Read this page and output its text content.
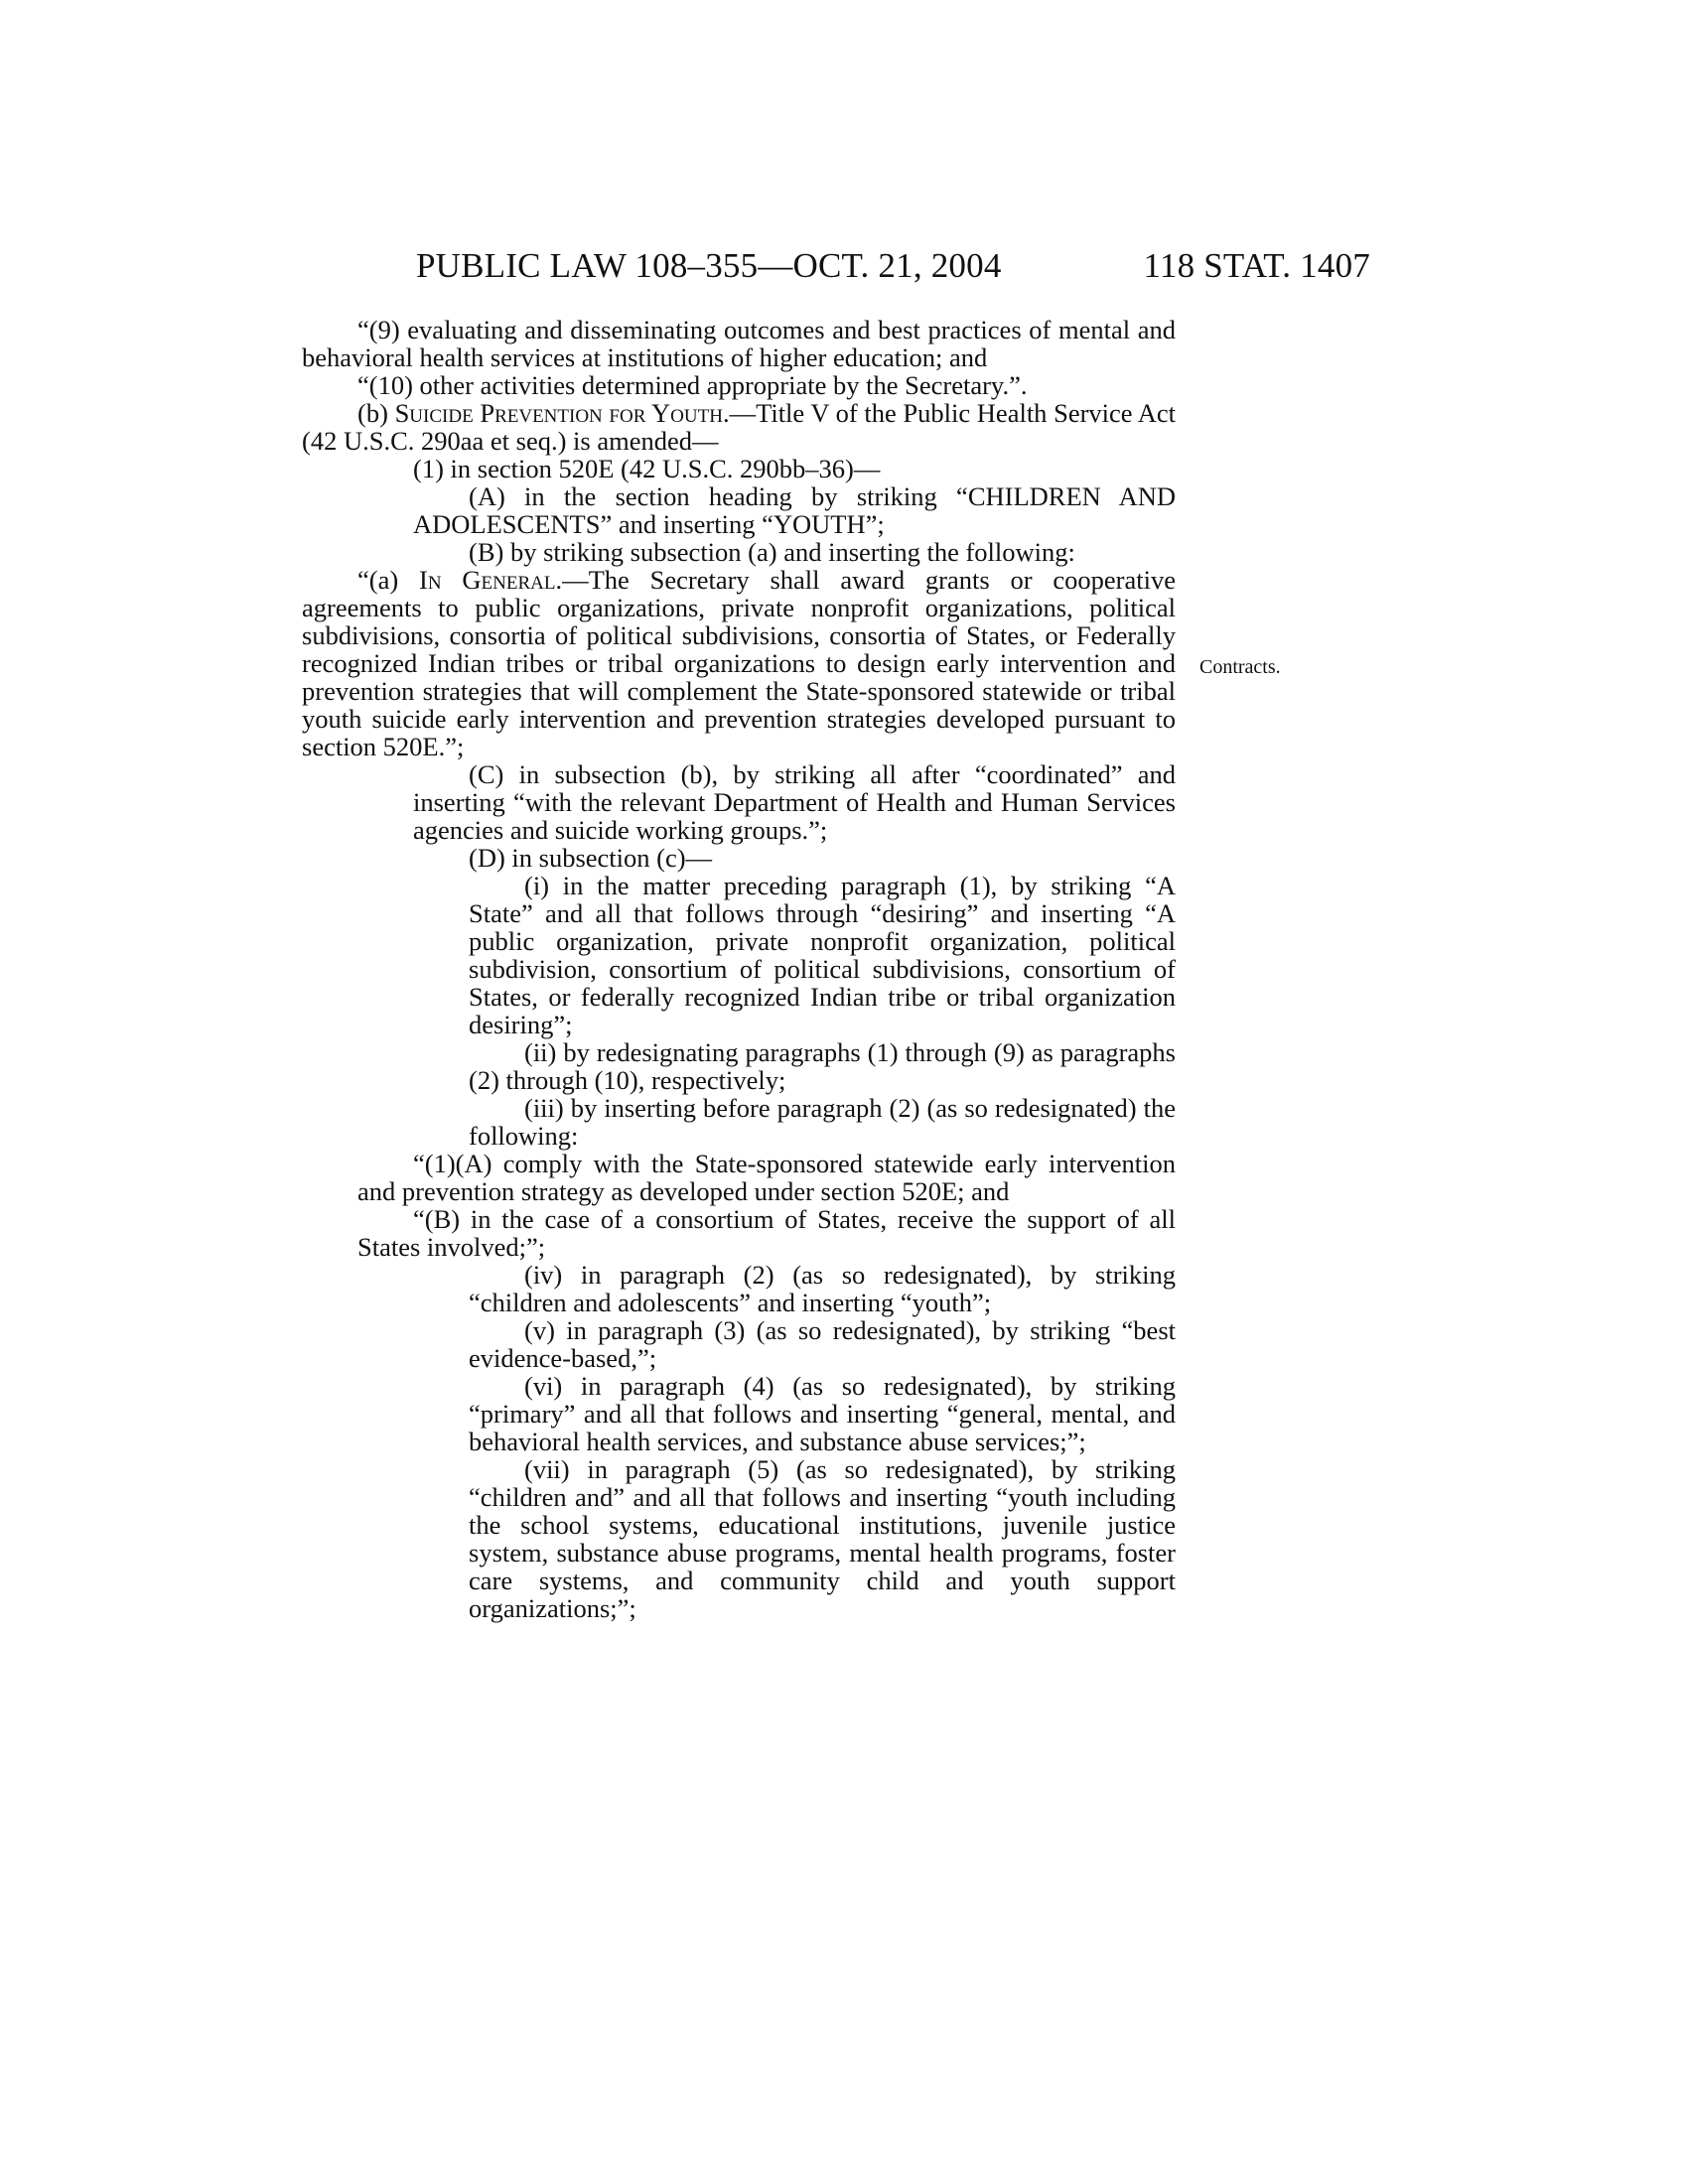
PUBLIC LAW 108–355—OCT. 21, 2004	118 STAT. 1407
Contracts.

“(9) evaluating and disseminating outcomes and best practices of mental and behavioral health services at institutions of higher education; and

“(10) other activities determined appropriate by the Secretary.”.

(b) Suicide Prevention for Youth.—Title V of the Public Health Service Act (42 U.S.C. 290aa et seq.) is amended—

(1) in section 520E (42 U.S.C. 290bb–36)—

(A) in the section heading by striking “CHILDREN AND ADOLESCENTS” and inserting “YOUTH”;

(B) by striking subsection (a) and inserting the following:

“(a) In General.—The Secretary shall award grants or cooperative agreements to public organizations, private nonprofit organizations, political subdivisions, consortia of political subdivisions, consortia of States, or Federally recognized Indian tribes or tribal organizations to design early intervention and prevention strategies that will complement the State-sponsored statewide or tribal youth suicide early intervention and prevention strategies developed pursuant to section 520E.”;

(C) in subsection (b), by striking all after “coordinated” and inserting “with the relevant Department of Health and Human Services agencies and suicide working groups.”;

(D) in subsection (c)—

(i) in the matter preceding paragraph (1), by striking “A State” and all that follows through “desiring” and inserting “A public organization, private nonprofit organization, political subdivision, consortium of political subdivisions, consortium of States, or federally recognized Indian tribe or tribal organization desiring”;

(ii) by redesignating paragraphs (1) through (9) as paragraphs (2) through (10), respectively;

(iii) by inserting before paragraph (2) (as so redesignated) the following:

“(1)(A) comply with the State-sponsored statewide early intervention and prevention strategy as developed under section 520E; and

“(B) in the case of a consortium of States, receive the support of all States involved;”;

(iv) in paragraph (2) (as so redesignated), by striking “children and adolescents” and inserting “youth”;

(v) in paragraph (3) (as so redesignated), by striking “best evidence-based,”;

(vi) in paragraph (4) (as so redesignated), by striking “primary” and all that follows and inserting “general, mental, and behavioral health services, and substance abuse services;”;

(vii) in paragraph (5) (as so redesignated), by striking “children and” and all that follows and inserting “youth including the school systems, educational institutions, juvenile justice system, substance abuse programs, mental health programs, foster care systems, and community child and youth support organizations;”;
